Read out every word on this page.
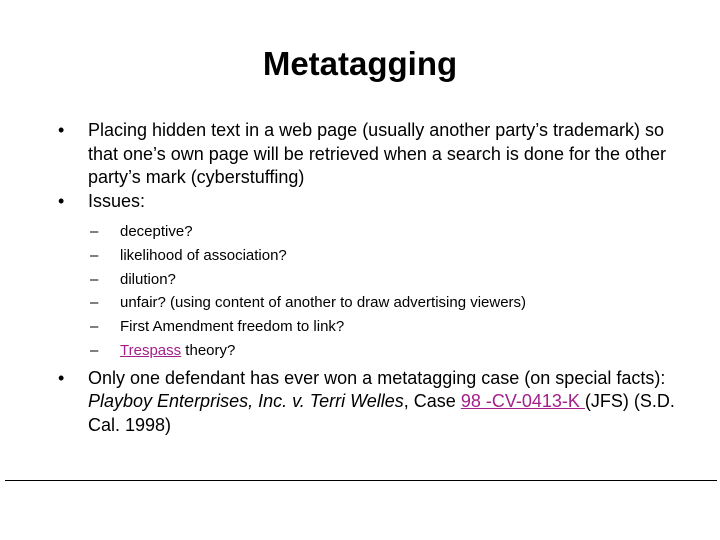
Metatagging
•	Placing hidden text in a web page (usually another party’s trademark) so that one’s own page will be retrieved when a search is done for the other party’s mark (cyberstuffing)
•	Issues:
– deceptive?
– likelihood of association?
– dilution?
– unfair? (using content of another to draw advertising viewers)
– First Amendment freedom to link?
– Trespass theory?
•	Only one defendant has ever won a metatagging case (on special facts): Playboy Enterprises, Inc. v. Terri Welles, Case 98 -CV-0413-K (JFS) (S.D. Cal. 1998)
